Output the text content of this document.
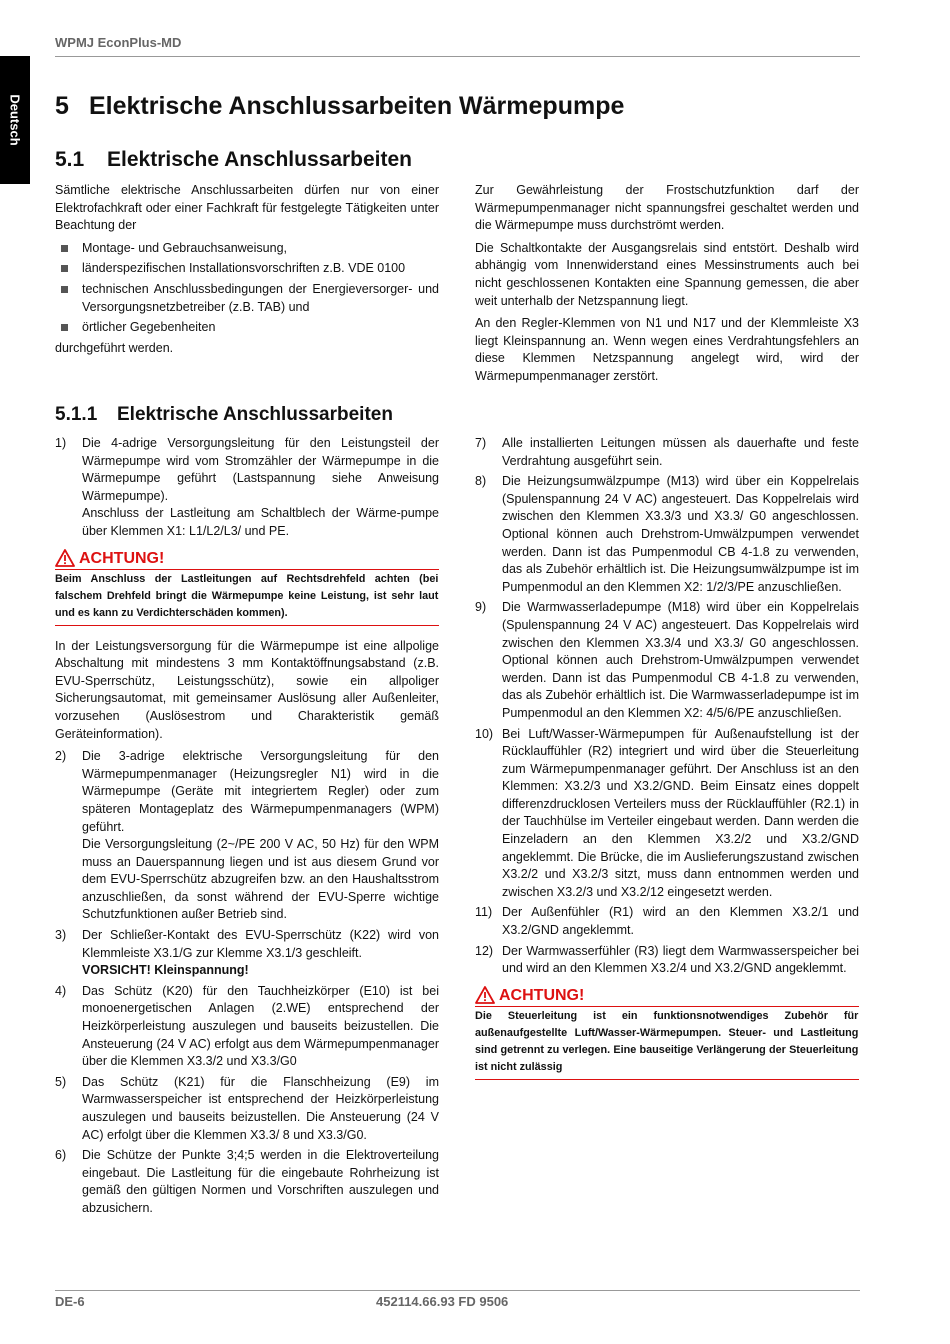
WPMJ EconPlus-MD
Deutsch 5 Elektrische Anschlussarbeiten Wärmepumpe
5.1 Elektrische Anschlussarbeiten

Sämtliche elektrische Anschlussarbeiten dürfen nur von einer Elektrofachkraft oder einer Fachkraft für festgelegte Tätigkeiten unter Beachtung der

Montage- und Gebrauchsanweisung,
länderspezifischen Installationsvorschriften z.B. VDE 0100
technischen Anschlussbedingungen der Energieversorger- und Versorgungsnetzbetreiber (z.B. TAB) und
örtlicher Gegebenheiten

durchgeführt werden.

Zur Gewährleistung der Frostschutzfunktion darf der Wärmepumpenmanager nicht spannungsfrei geschaltet werden und die Wärmepumpe muss durchströmt werden.

Die Schaltkontakte der Ausgangsrelais sind entstört. Deshalb wird abhängig vom Innenwiderstand eines Messinstruments auch bei nicht geschlossenen Kontakten eine Spannung gemessen, die aber weit unterhalb der Netzspannung liegt.

An den Regler-Klemmen von N1 und N17 und der Klemmleiste X3 liegt Kleinspannung an. Wenn wegen eines Verdrahtungsfehlers an diese Klemmen Netzspannung angelegt wird, wird der Wärmepumpenmanager zerstört.

5.1.1 Elektrische Anschlussarbeiten
1) Die 4-adrige Versorgungsleitung für den Leistungsteil der Wärmepumpe wird vom Stromzähler der Wärmepumpe in die Wärmepumpe geführt (Lastspannung siehe Anweisung Wärmepumpe).
Anschluss der Lastleitung am Schaltblech der Wärme-pumpe über Klemmen X1: L1/L2/L3/ und PE.
ACHTUNG!
Beim Anschluss der Lastleitungen auf Rechtsdrehfeld achten (bei falschem Drehfeld bringt die Wärmepumpe keine Leistung, ist sehr laut und es kann zu Verdichterschäden kommen).

In der Leistungsversorgung für die Wärmepumpe ist eine allpolige Abschaltung mit mindestens 3 mm Kontaktöffnungsabstand (z.B. EVU-Sperrschütz, Leistungsschütz), sowie ein allpoliger Sicherungsautomat, mit gemeinsamer Auslösung aller Außenleiter, vorzusehen (Auslösestrom und Charakteristik gemäß Geräteinformation).

2) Die 3-adrige elektrische Versorgungsleitung für den Wärmepumpenmanager (Heizungsregler N1) wird in die Wärmepumpe (Geräte mit integriertem Regler) oder zum späteren Montageplatz des Wärmepumpenmanagers (WPM) geführt.
Die Versorgungsleitung (2~/PE 200 V AC, 50 Hz) für den WPM muss an Dauerspannung liegen und ist aus diesem Grund vor dem EVU-Sperrschütz abzugreifen bzw. an den Haushaltsstrom anzuschließen, da sonst während der EVU-Sperre wichtige Schutzfunktionen außer Betrieb sind.
3) Der Schließer-Kontakt des EVU-Sperrschütz (K22) wird von Klemmleiste X3.1/G zur Klemme X3.1/3 geschleift.
VORSICHT! Kleinspannung!
4) Das Schütz (K20) für den Tauchheizkörper (E10) ist bei monoenergetischen Anlagen (2.WE) entsprechend der Heizkörperleistung auszulegen und bauseits beizustellen. Die Ansteuerung (24 V AC) erfolgt aus dem Wärmepumpenmanager über die Klemmen X3.3/2 und X3.3/G0
5) Das Schütz (K21) für die Flanschheizung (E9) im Warmwasserspeicher ist entsprechend der Heizkörperleistung auszulegen und bauseits beizustellen. Die Ansteuerung (24 V AC) erfolgt über die Klemmen X3.3/ 8 und X3.3/G0.
6) Die Schütze der Punkte 3;4;5 werden in die Elektroverteilung eingebaut. Die Lastleitung für die eingebaute Rohrheizung ist gemäß den gültigen Normen und Vorschriften auszulegen und abzusichern.
7) Alle installierten Leitungen müssen als dauerhafte und feste Verdrahtung ausgeführt sein.
8) Die Heizungsumwälzpumpe (M13) wird über ein Koppelrelais (Spulenspannung 24 V AC) angesteuert. Das Koppelrelais wird zwischen den Klemmen X3.3/3 und X3.3/ G0 angeschlossen. Optional können auch Drehstrom-Umwälzpumpen verwendet werden. Dann ist das Pumpenmodul CB 4-1.8 zu verwenden, das als Zubehör erhältlich ist. Die Heizungsumwälzpumpe ist im Pumpenmodul an den Klemmen X2: 1/2/3/PE anzuschließen.
9) Die Warmwasserladepumpe (M18) wird über ein Koppelrelais (Spulenspannung 24 V AC) angesteuert. Das Koppelrelais wird zwischen den Klemmen X3.3/4 und X3.3/ G0 angeschlossen. Optional können auch Drehstrom-Umwälzpumpen verwendet werden. Dann ist das Pumpenmodul CB 4-1.8 zu verwenden, das als Zubehör erhältlich ist. Die Warmwasserladepumpe ist im Pumpenmodul an den Klemmen X2: 4/5/6/PE anzuschließen.
10) Bei Luft/Wasser-Wärmepumpen für Außenaufstellung ist der Rücklauffühler (R2) integriert und wird über die Steuerleitung zum Wärmepumpenmanager geführt. Der Anschluss ist an den Klemmen: X3.2/3 und X3.2/GND. Beim Einsatz eines doppelt differenzdrucklosen Verteilers muss der Rücklauffühler (R2.1) in der Tauchhülse im Verteiler eingebaut werden. Dann werden die Einzeladern an den Klemmen X3.2/2 und X3.2/GND angeklemmt. Die Brücke, die im Auslieferungszustand zwischen X3.2/2 und X3.2/3 sitzt, muss dann entnommen werden und zwischen X3.2/3 und X3.2/12 eingesetzt werden.
11) Der Außenfühler (R1) wird an den Klemmen X3.2/1 und X3.2/GND angeklemmt.
12) Der Warmwasserfühler (R3) liegt dem Warmwasserspeicher bei und wird an den Klemmen X3.2/4 und X3.2/GND angeklemmt.
ACHTUNG!
Die Steuerleitung ist ein funktionsnotwendiges Zubehör für außenaufgestellte Luft/Wasser-Wärmepumpen. Steuer- und Lastleitung sind getrennt zu verlegen. Eine bauseitige Verlängerung der Steuerleitung ist nicht zulässig
DE-6	452114.66.93 FD 9506
